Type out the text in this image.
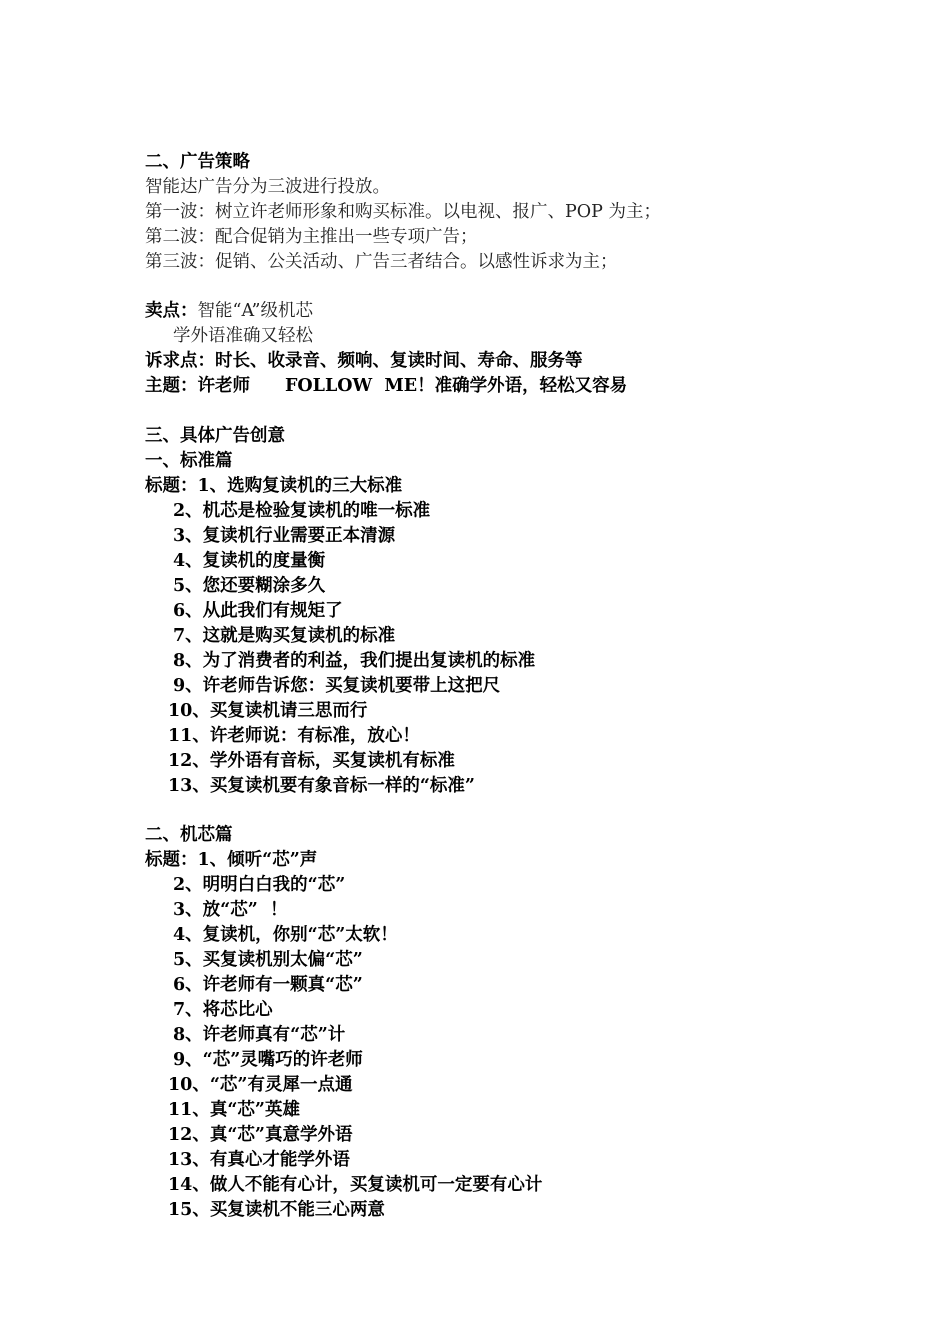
二、广告策略
智能达广告分为三波进行投放。
第一波：树立许老师形象和购买标准。以电视、报广、POP 为主；
第二波：配合促销为主推出一些专项广告；
第三波：促销、公关活动、广告三者结合。以感性诉求为主；
卖点：智能“A”级机芯
学外语准确又轻松
诉求点：时长、收录音、频响、复读时间、寿命、服务等
主题：许老师　　FOLLOW  ME！准确学外语，轻松又容易
三、具体广告创意
一、标准篇
标题：1、选购复读机的三大标准
2、机芯是检验复读机的唯一标准
3、复读机行业需要正本清源
4、复读机的度量衡
5、您还要糊涂多久
6、从此我们有规矩了
7、这就是购买复读机的标准
8、为了消费者的利益，我们提出复读机的标准
9、许老师告诉您：买复读机要带上这把尺
10、买复读机请三思而行
11、许老师说：有标准，放心！
12、学外语有音标，买复读机有标准
13、买复读机要有象音标一样的“标准”
二、机芯篇
标题：1、倾听“芯”声
2、明明白白我的“芯”
3、放“芯”  ！
4、复读机，你别“芯”太软！
5、买复读机别太偏“芯”
6、许老师有一颗真“芯”
7、将芯比心
8、许老师真有“芯”计
9、“芯”灵嘴巧的许老师
10、“芯”有灵犀一点通
11、真“芯”英雄
12、真“芯”真意学外语
13、有真心才能学外语
14、做人不能有心计，买复读机可一定要有心计
15、买复读机不能三心两意
